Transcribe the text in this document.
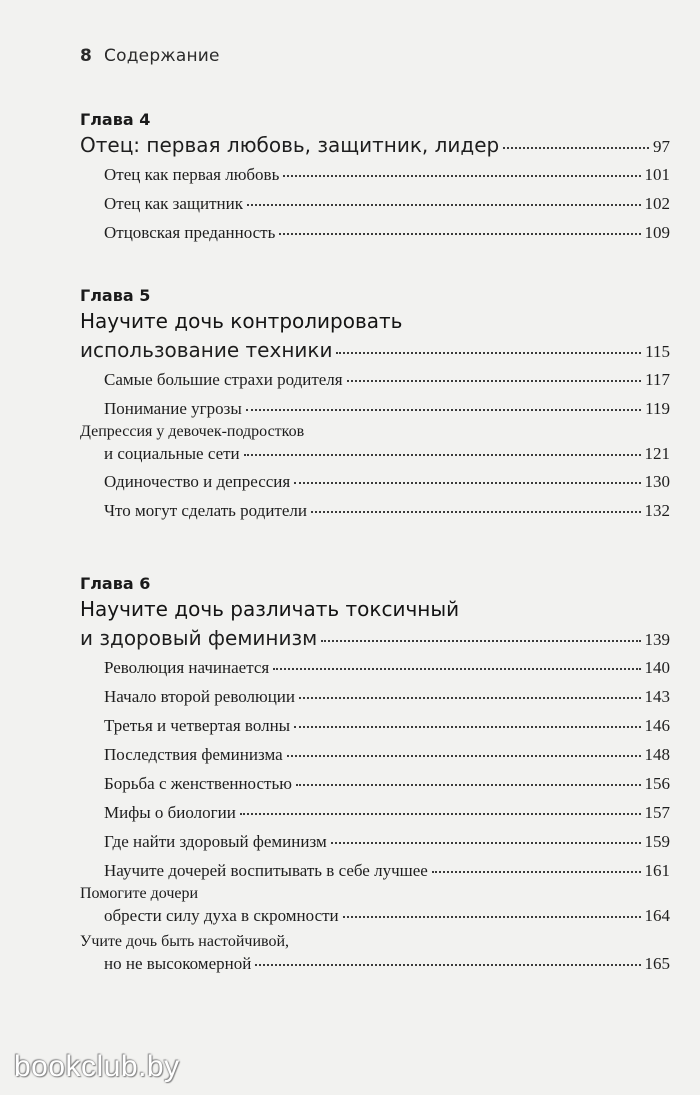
8 Содержание
Глава 4
Отец: первая любовь, защитник, лидер	97
Отец как первая любовь	101
Отец как защитник	102
Отцовская преданность	109
Глава 5
Научите дочь контролировать
использование техники	115
Самые большие страхи родителя	117
Понимание угрозы	119
Депрессия у девочек-подростков
и социальные сети	121
Одиночество и депрессия	130
Что могут сделать родители	132
Глава 6
Научите дочь различать токсичный
и здоровый феминизм	139
Революция начинается	140
Начало второй революции	143
Третья и четвертая волны	146
Последствия феминизма	148
Борьба с женственностью	156
Мифы о биологии	157
Где найти здоровый феминизм	159
Научите дочерей воспитывать в себе лучшее	161
Помогите дочери
обрести силу духа в скромности	164
Учите дочь быть настойчивой,
но не высокомерной	165
bookclub.by
